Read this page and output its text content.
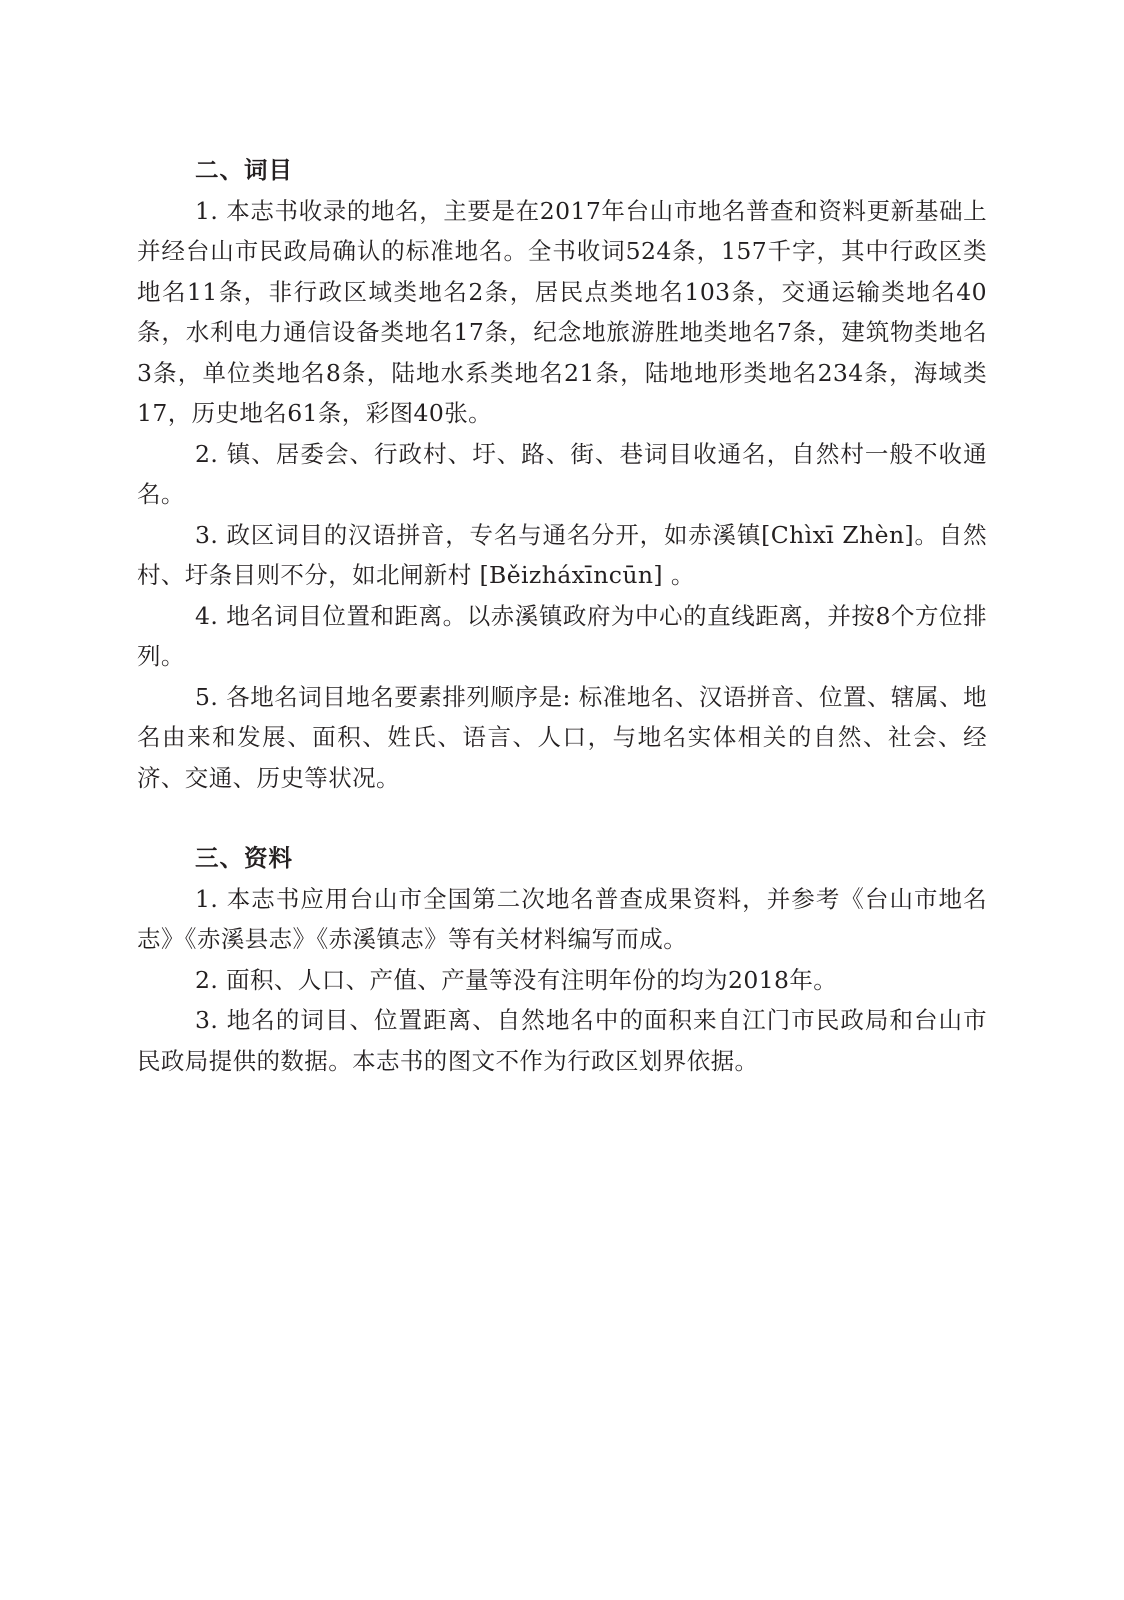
二、词目

1. 本志书收录的地名，主要是在2017年台山市地名普查和资料更新基础上并经台山市民政局确认的标准地名。全书收词524条，157千字，其中行政区类地名11条，非行政区域类地名2条，居民点类地名103条，交通运输类地名40条，水利电力通信设备类地名17条，纪念地旅游胜地类地名7条，建筑物类地名3条，单位类地名8条，陆地水系类地名21条，陆地地形类地名234条，海域类17，历史地名61条，彩图40张。

2. 镇、居委会、行政村、圩、路、街、巷词目收通名，自然村一般不收通名。

3. 政区词目的汉语拼音，专名与通名分开，如赤溪镇[Chìxī Zhèn]。自然村、圩条目则不分，如北闸新村 [Běizháxīncūn] 。

4. 地名词目位置和距离。以赤溪镇政府为中心的直线距离，并按8个方位排列。

5. 各地名词目地名要素排列顺序是: 标准地名、汉语拼音、位置、辖属、地名由来和发展、面积、姓氏、语言、人口，与地名实体相关的自然、社会、经济、交通、历史等状况。

三、资料

1. 本志书应用台山市全国第二次地名普查成果资料，并参考《台山市地名志》《赤溪县志》《赤溪镇志》等有关材料编写而成。

2. 面积、人口、产值、产量等没有注明年份的均为2018年。

3. 地名的词目、位置距离、自然地名中的面积来自江门市民政局和台山市民政局提供的数据。本志书的图文不作为行政区划界依据。
